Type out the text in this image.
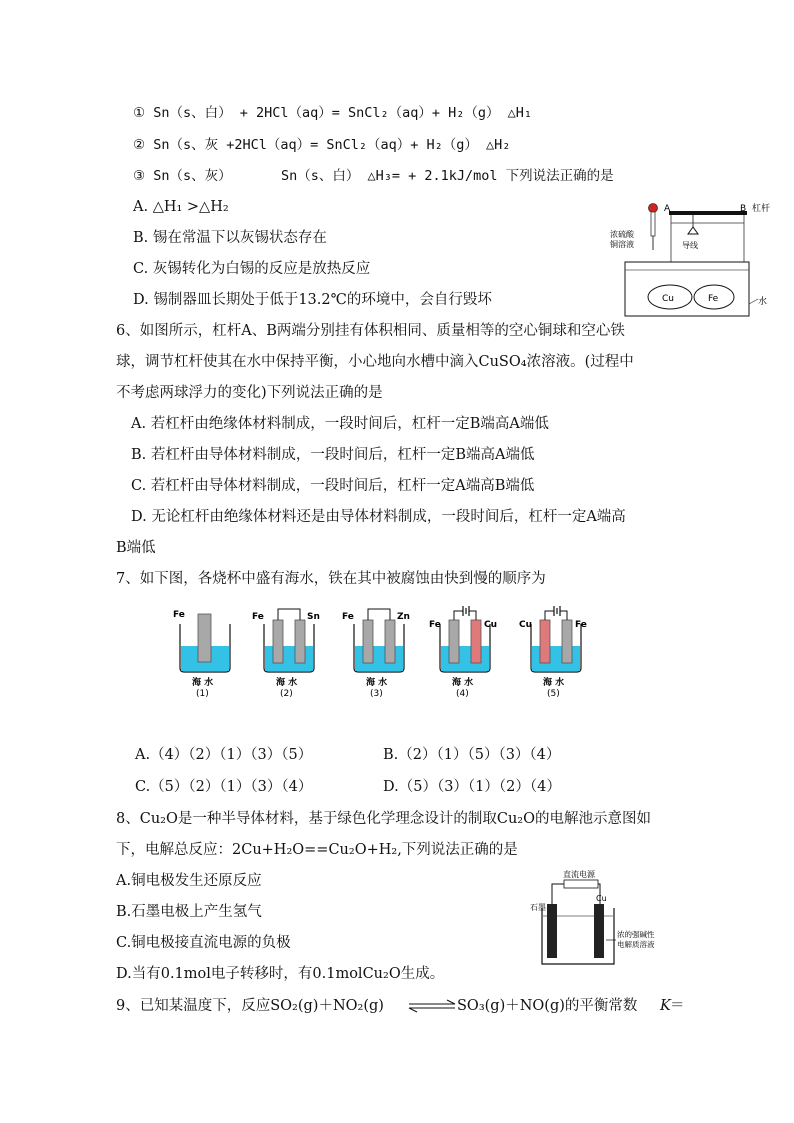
① Sn（s、白） + 2HCl（aq）= SnCl₂（aq）+ H₂（g） △H₁
② Sn（s、灰 +2HCl（aq）= SnCl₂（aq）+ H₂（g） △H₂
③ Sn（s、灰）	Sn（s、白） △H₃= + 2.1kJ/mol 下列说法正确的是
A. △H₁ >△H₂
B. 锡在常温下以灰锡状态存在
C. 灰锡转化为白锡的反应是放热反应
D. 锡制器皿长期处于低于13.2℃的环境中，会自行毁坏
A	B 杠杆
浓硫酸
铜溶液	导线
Cu	Fe	水
6、如图所示，杠杆A、B两端分别挂有体积相同、质量相等的空心铜球和空心铁
球，调节杠杆使其在水中保持平衡，小心地向水槽中滴入CuSO₄浓溶液。(过程中
不考虑两球浮力的变化)下列说法正确的是
A. 若杠杆由绝缘体材料制成，一段时间后，杠杆一定B端高A端低
B. 若杠杆由导体材料制成，一段时间后，杠杆一定B端高A端低
C. 若杠杆由导体材料制成，一段时间后，杠杆一定A端高B端低
D. 无论杠杆由绝缘体材料还是由导体材料制成，一段时间后，杠杆一定A端高
B端低
7、如下图，各烧杯中盛有海水，铁在其中被腐蚀由快到慢的顺序为
Fe
海 水
(1)
Fe	Sn
海 水
(2)
Fe	Zn
海 水
(3)
Fe	Cu
海 水
(4)
Cu	Fe
海 水
(5)
A.（4）（2）（1）（3）（5）	B.（2）（1）（5）（3）（4）
C.（5）（2）（1）（3）（4）	D.（5）（3）（1）（2）（4）
8、Cu₂O是一种半导体材料，基于绿色化学理念设计的制取Cu₂O的电解池示意图如
下，电解总反应：2Cu+H₂O==Cu₂O+H₂,下列说法正确的是
A.铜电极发生还原反应
B.石墨电极上产生氢气
C.铜电极接直流电源的负极
D.当有0.1mol电子转移时，有0.1molCu₂O生成。
直流电源
石墨
Cu
浓的强碱性
电解质溶液
9、已知某温度下，反应SO₂(g)＋NO₂(g) ⇌ SO₃(g)＋NO(g)的平衡常数 K ＝
